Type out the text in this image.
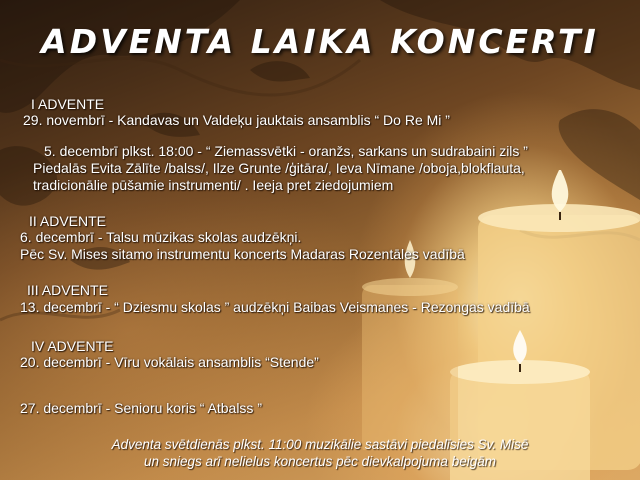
ADVENTA LAIKA KONCERTI
I ADVENTE
29. novembrī - Kandavas un Valdeķu jauktais ansamblis “ Do Re Mi ”
5. decembrī plkst. 18:00 - “ Ziemassvētki - oranžs, sarkans un sudrabaini zils ”
Piedalās Evita Zālīte /balss/, Ilze Grunte /ģitāra/, Ieva Nīmane /oboja,blokflauta,
tradicionālie pūšamie instrumenti/ . Ieeja pret ziedojumiem
II ADVENTE
6. decembrī - Talsu mūzikas skolas audzēkņi.
Pēc Sv. Mises sitamo instrumentu koncerts Madaras Rozentāles vadībā
III ADVENTE
13. decembrī - “ Dziesmu skolas ” audzēkņi Baibas Veismanes - Rezongas vadībā
IV ADVENTE
20. decembrī - Vīru vokālais ansamblis “Stende”
27. decembrī - Senioru koris “ Atbalss ”
Adventa svētdienās plkst. 11:00 muzikālie sastāvi piedalīsies Sv. Misē
un sniegs arī nelielus koncertus pēc dievkalpojuma beigām
